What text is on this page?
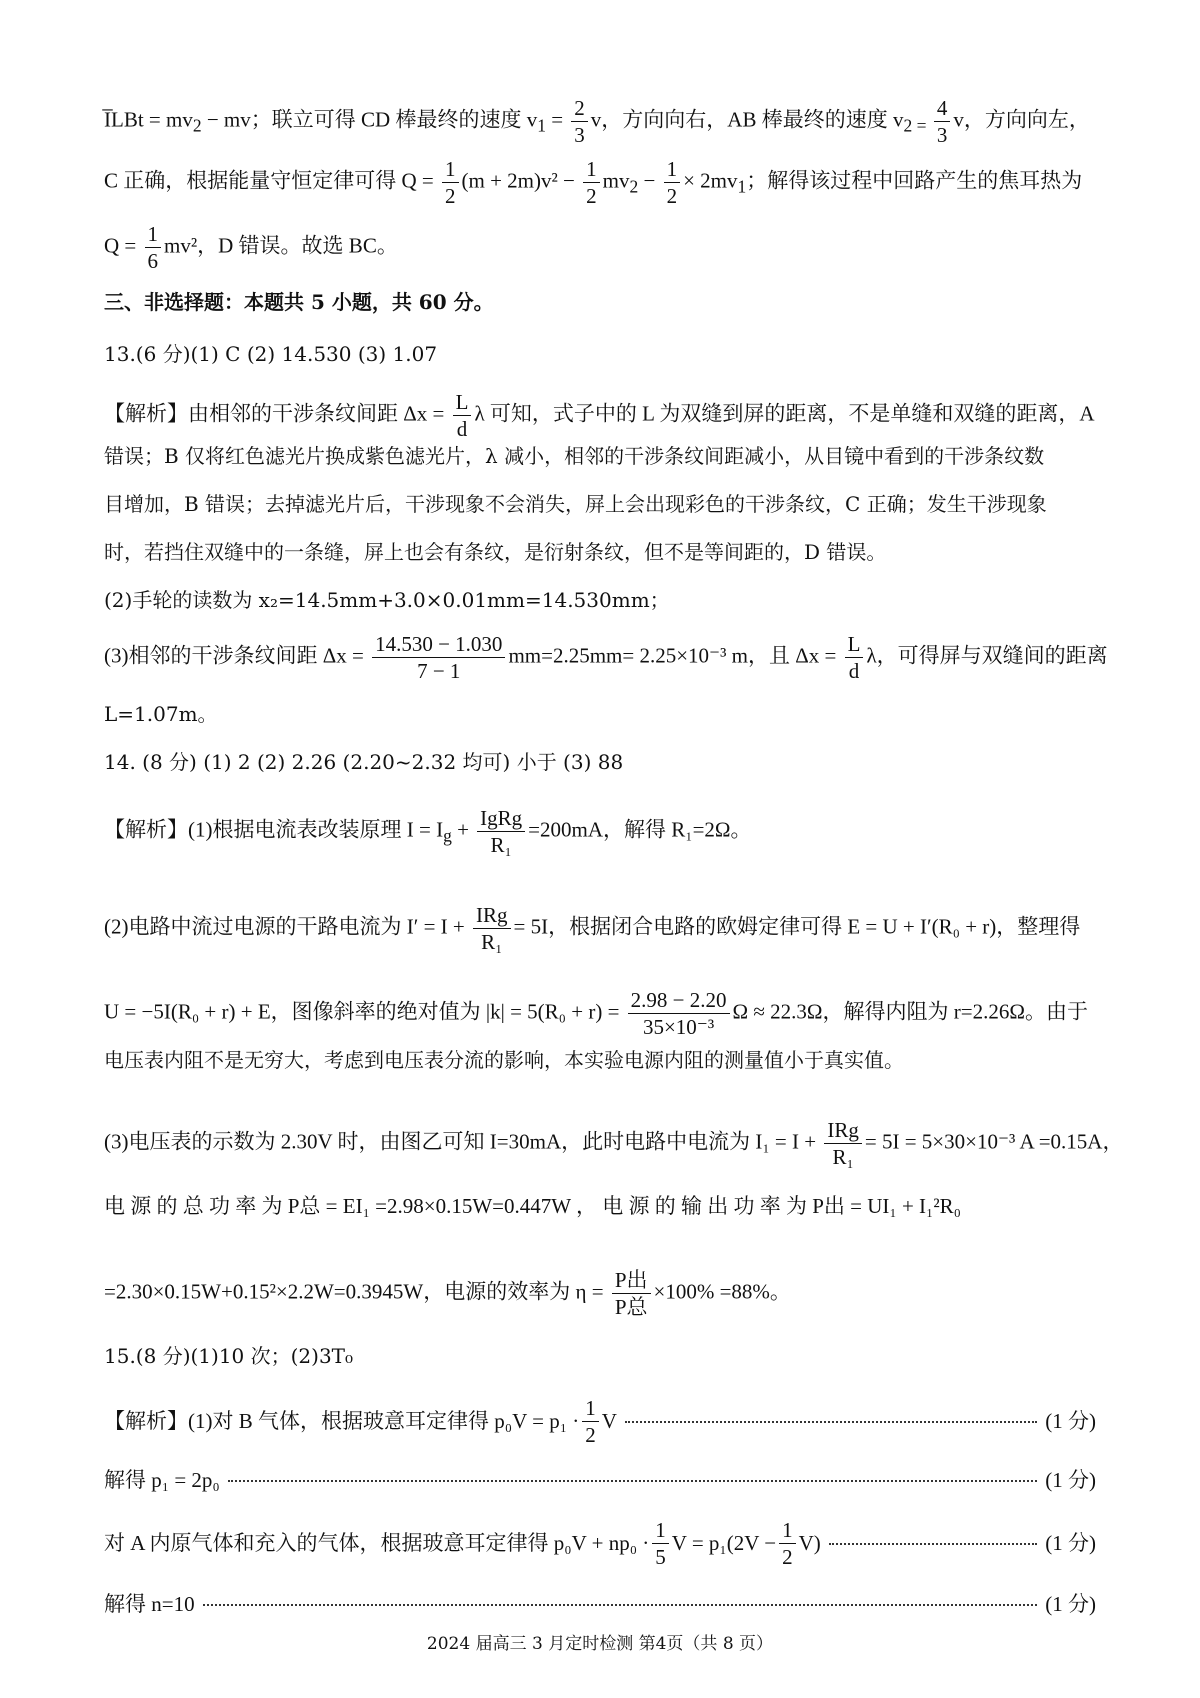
I̅LBt = $mv_2$ − mv；联立可得 CD 棒最终的速度 $v_1 = \frac{2}{3}$ v，方向向右，AB 棒最终的速度 $v_{2 =} \frac{4}{3}$ v，方向向左，
C 正确，根据能量守恒定律可得 $Q = \frac{1}{2} (m + 2m)v^2 - \frac{1}{2} mv_2 - \frac{1}{2} \times 2mv_1$；解得该过程中回路产生的焦耳热为
$Q = \frac{1}{6} mv^2$，D 错误。故选 BC。
三、非选择题：本题共 5 小题，共 60 分。
13.(6 分)(1) C (2) 14.530 (3) 1.07
【解析】由相邻的干涉条纹间距 $\Delta x = \frac{L}{d}$ λ 可知，式子中的 L 为双缝到屏的距离，不是单缝和双缝的距离，A
错误；B 仅将红色滤光片换成紫色滤光片，λ 减小，相邻的干涉条纹间距减小，从目镜中看到的干涉条纹数
目增加，B 错误；去掉滤光片后，干涉现象不会消失，屏上会出现彩色的干涉条纹，C 正确；发生干涉现象
时，若挡住双缝中的一条缝，屏上也会有条纹，是衍射条纹，但不是等间距的，D 错误。
(2)手轮的读数为 x₂=14.5mm+3.0×0.01mm=14.530mm；
(3)相邻的干涉条纹间距 $\Delta x = \frac{14.530 - 1.030}{7 - 1} mm=2.25mm= 2.25\times 10^{-3}$ m，且 $\Delta x = \frac{L}{d}$ λ，可得屏与双缝间的距离
L=1.07m。
14. (8 分) (1) 2 (2) 2.26 (2.20~2.32 均可) 小于 (3) 88
【解析】(1)根据电流表改装原理 $I = I_g + \frac{\text{IgRg}}{\text{R₁}} =200mA$，解得 R₁=2Ω。
(2)电路中流过电源的干路电流为 $I' = I + \frac{\text{IRg}}{\text{R₁}} = 5I$，根据闭合电路的欧姆定律可得 E = U + I′(R₀ + r)，整理得
U = −5I(R₀ + r) + E，图像斜率的绝对值为 $|k| = 5(R_0 + r) = \frac{2.98 - 2.20}{\text{35×10⁻³}}$ Ω ≈ 22.3Ω，解得内阻为 r=2.26Ω。由于
电压表内阻不是无穷大，考虑到电压表分流的影响，本实验电源内阻的测量值小于真实值。
(3)电压表的示数为 2.30V 时，由图乙可知 I=30mA，此时电路中电流为 $I_1 = I + \frac{\text{IRg}}{\text{R₁}} = 5I = 5\times 30\times 10^{-3}$ A =0.15A，
电 源 的 总 功 率 为 P总 = EI₁ =2.98×0.15W=0.447W ， 电 源 的 输 出 功 率 为 P出 = UI₁ + I₁²R₀
=2.30×0.15W+0.15²×2.2W=0.3945W，电源的效率为 $\eta = \frac{\text{P出}}{\text{P总}} \times 100\% =88\%$。
15.(8 分)(1)10 次；(2)3T₀
【解析】(1)对 B 气体，根据玻意耳定律得 $p_0V = p_1 \cdot \frac{1}{2}$ V	(1 分)
解得 p₁ = 2p₀	(1 分)
对 A 内原气体和充入的气体，根据玻意耳定律得 $p_0V + np_0 \cdot \frac{1}{5}$ $V = p_1(2V - \frac{1}{2} V)$	(1 分)
解得 n=10	(1 分)
2024 届高三 3 月定时检测 第4页（共 8 页）
